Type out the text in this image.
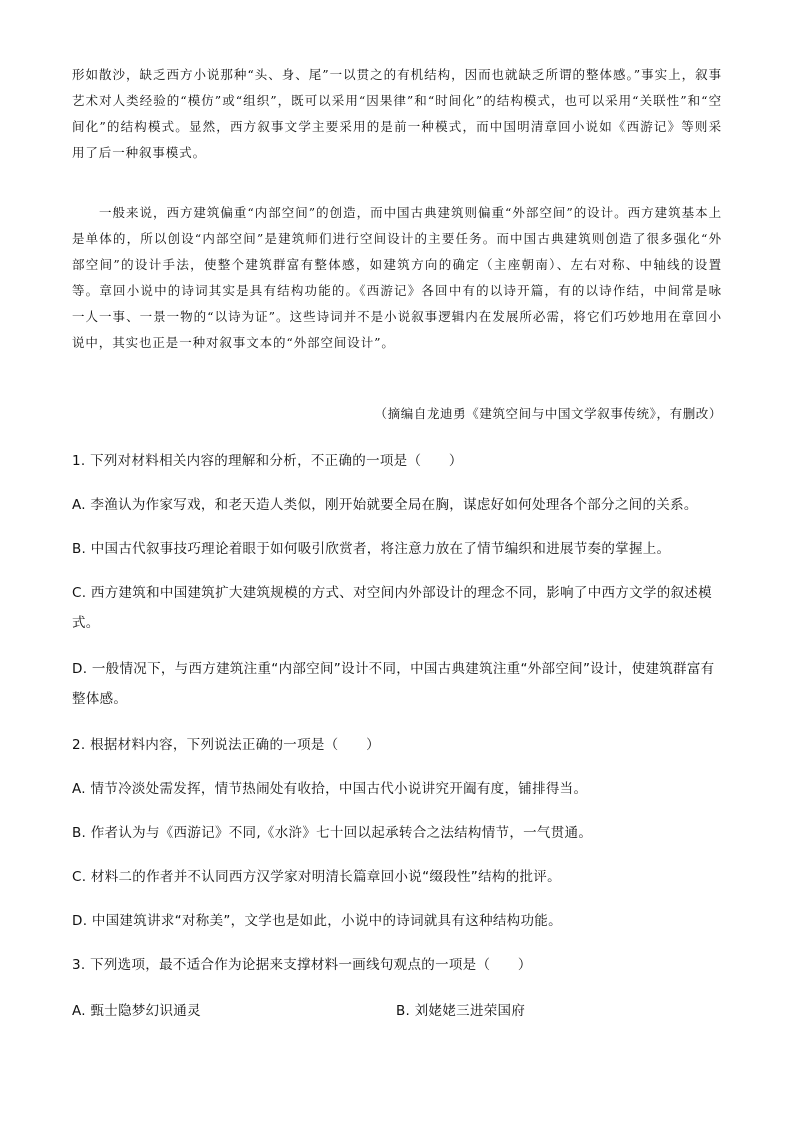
形如散沙，缺乏西方小说那种“头、身、尾”一以贯之的有机结构，因而也就缺乏所谓的整体感。”事实上，叙事艺术对人类经验的“模仿”或“组织”，既可以采用“因果律”和“时间化”的结构模式，也可以采用“关联性”和“空间化”的结构模式。显然，西方叙事文学主要采用的是前一种模式，而中国明清章回小说如《西游记》等则采用了后一种叙事模式。

一般来说，西方建筑偏重“内部空间”的创造，而中国古典建筑则偏重“外部空间”的设计。西方建筑基本上是单体的，所以创设“内部空间”是建筑师们进行空间设计的主要任务。而中国古典建筑则创造了很多强化“外部空间”的设计手法，使整个建筑群富有整体感，如建筑方向的确定（主座朝南）、左右对称、中轴线的设置等。章回小说中的诗词其实是具有结构功能的。《西游记》各回中有的以诗开篇，有的以诗作结，中间常是咏一人一事、一景一物的“以诗为证”。这些诗词并不是小说叙事逻辑内在发展所必需，将它们巧妙地用在章回小说中，其实也正是一种对叙事文本的“外部空间设计”。

（摘编自龙迪勇《建筑空间与中国文学叙事传统》，有删改）

1. 下列对材料相关内容的理解和分析，不正确的一项是（　　）

A. 李渔认为作家写戏，和老天造人类似，刚开始就要全局在胸，谋虑好如何处理各个部分之间的关系。

B. 中国古代叙事技巧理论着眼于如何吸引欣赏者，将注意力放在了情节编织和进展节奏的掌握上。

C. 西方建筑和中国建筑扩大建筑规模的方式、对空间内外部设计的理念不同，影响了中西方文学的叙述模式。

D. 一般情况下，与西方建筑注重“内部空间”设计不同，中国古典建筑注重“外部空间”设计，使建筑群富有整体感。

2. 根据材料内容，下列说法正确的一项是（　　）

A. 情节冷淡处需发挥，情节热闹处有收拾，中国古代小说讲究开阖有度，铺排得当。

B. 作者认为与《西游记》不同,《水浒》七十回以起承转合之法结构情节，一气贯通。

C. 材料二的作者并不认同西方汉学家对明清长篇章回小说“缀段性”结构的批评。

D. 中国建筑讲求“对称美”，文学也是如此，小说中的诗词就具有这种结构功能。

3. 下列选项，最不适合作为论据来支撑材料一画线句观点的一项是（　　）

A. 甄士隐梦幻识通灵	B. 刘姥姥三进荣国府
